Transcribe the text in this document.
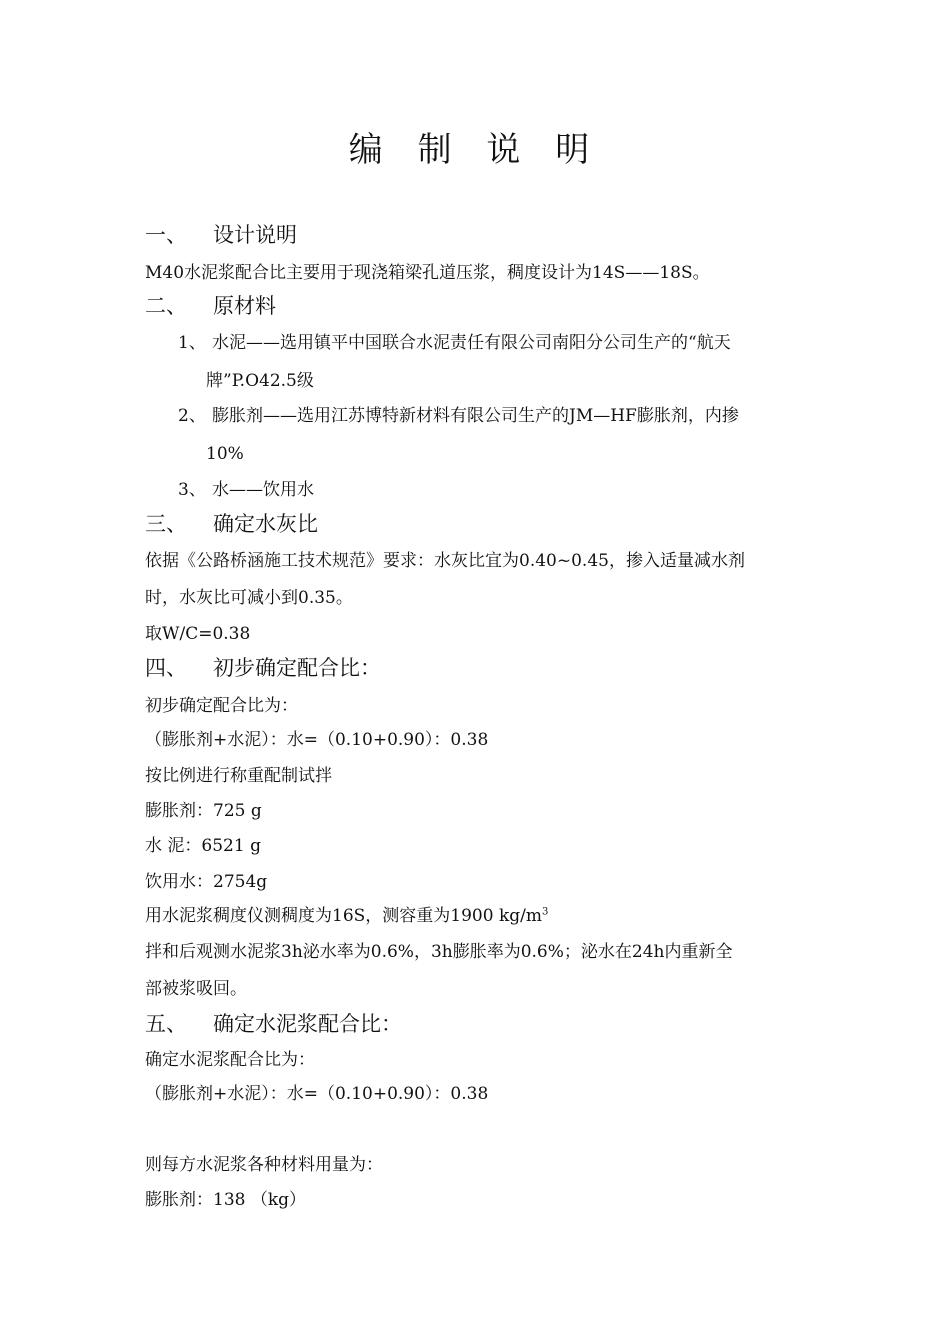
编 制 说 明
一、 设计说明
M40水泥浆配合比主要用于现浇箱梁孔道压浆，稠度设计为14S——18S。
二、 原材料
1、 水泥——选用镇平中国联合水泥责任有限公司南阳分公司生产的“航天
牌”P.O42.5级
2、 膨胀剂——选用江苏博特新材料有限公司生产的JM—HF膨胀剂，内掺
10%
3、 水——饮用水
三、 确定水灰比
依据《公路桥涵施工技术规范》要求：水灰比宜为0.40~0.45，掺入适量减水剂
时，水灰比可减小到0.35。
取W/C=0.38
四、 初步确定配合比：
初步确定配合比为：
（膨胀剂+水泥）：水=（0.10+0.90）：0.38
按比例进行称重配制试拌
膨胀剂：725 g
水 泥：6521 g
饮用水：2754g
用水泥浆稠度仪测稠度为16S，测容重为1900 $kg/m^3$
拌和后观测水泥浆3h泌水率为0.6%，3h膨胀率为0.6%；泌水在24h内重新全
部被浆吸回。
五、 确定水泥浆配合比：
确定水泥浆配合比为：
（膨胀剂+水泥）：水=（0.10+0.90）：0.38
则每方水泥浆各种材料用量为：
膨胀剂：138 （kg）
